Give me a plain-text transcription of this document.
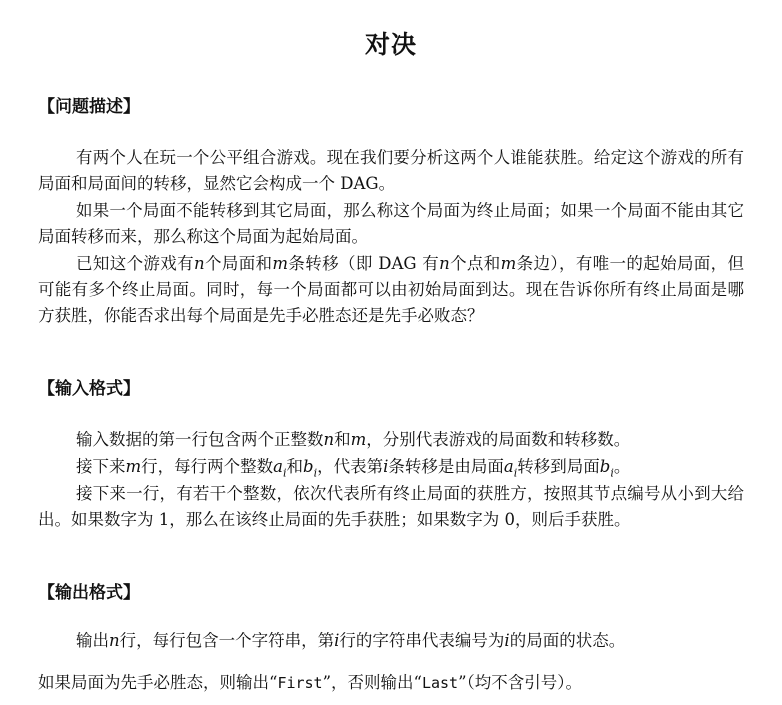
对决
【问题描述】

有两个人在玩一个公平组合游戏。现在我们要分析这两个人谁能获胜。给定这个游戏的所有局面和局面间的转移，显然它会构成一个 DAG。

如果一个局面不能转移到其它局面，那么称这个局面为终止局面；如果一个局面不能由其它局面转移而来，那么称这个局面为起始局面。

已知这个游戏有n个局面和m条转移（即 DAG 有n个点和m条边），有唯一的起始局面，但可能有多个终止局面。同时，每一个局面都可以由初始局面到达。现在告诉你所有终止局面是哪方获胜，你能否求出每个局面是先手必胜态还是先手必败态？

【输入格式】

输入数据的第一行包含两个正整数n和m，分别代表游戏的局面数和转移数。

接下来m行，每行两个整数$a_i$和$b_i$，代表第i条转移是由局面$a_i$转移到局面$b_i$。

接下来一行，有若干个整数，依次代表所有终止局面的获胜方，按照其节点编号从小到大给出。如果数字为 1，那么在该终止局面的先手获胜；如果数字为 0，则后手获胜。

【输出格式】

输出n行，每行包含一个字符串，第i行的字符串代表编号为i的局面的状态。

如果局面为先手必胜态，则输出“First”，否则输出“Last”（均不含引号）。
